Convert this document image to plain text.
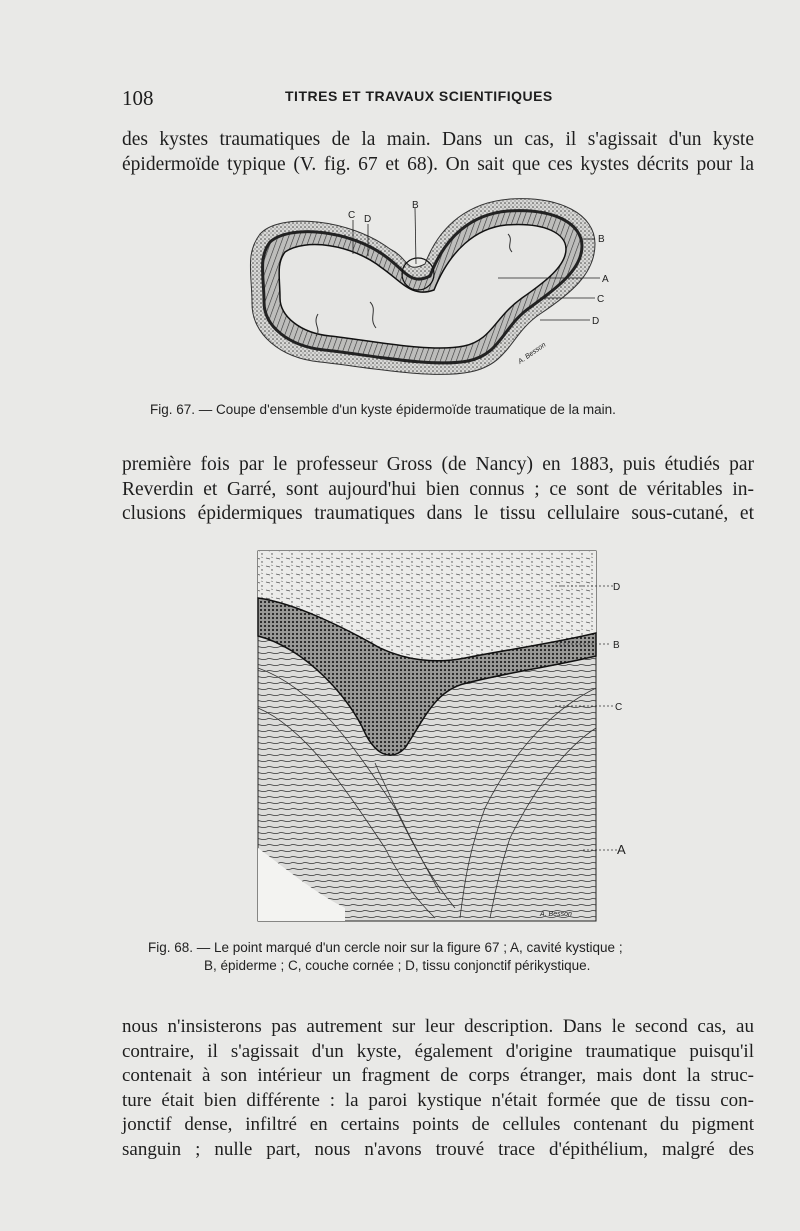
108	TITRES ET TRAVAUX SCIENTIFIQUES
des kystes traumatiques de la main. Dans un cas, il s'agissait d'un kyste
épidermoïde typique (V. fig. 67 et 68). On sait que ces kystes décrits pour la
C D
B
B
A
C
D
A. Besson
Fig. 67. — Coupe d'ensemble d'un kyste épidermoïde traumatique de la main.
première fois par le professeur Gross (de Nancy) en 1883, puis étudiés par
Reverdin et Garré, sont aujourd'hui bien connus ; ce sont de véritables in-
clusions épidermiques traumatiques dans le tissu cellulaire sous-cutané, et
D
B
C
A
A. Besson
Fig. 68. — Le point marqué d'un cercle noir sur la figure 67 ; A, cavité kystique ;
B, épiderme ; C, couche cornée ; D, tissu conjonctif périkystique.
nous n'insisterons pas autrement sur leur description. Dans le second cas, au
contraire, il s'agissait d'un kyste, également d'origine traumatique puisqu'il
contenait à son intérieur un fragment de corps étranger, mais dont la struc-
ture était bien différente : la paroi kystique n'était formée que de tissu con-
jonctif dense, infiltré en certains points de cellules contenant du pigment
sanguin ; nulle part, nous n'avons trouvé trace d'épithélium, malgré des
